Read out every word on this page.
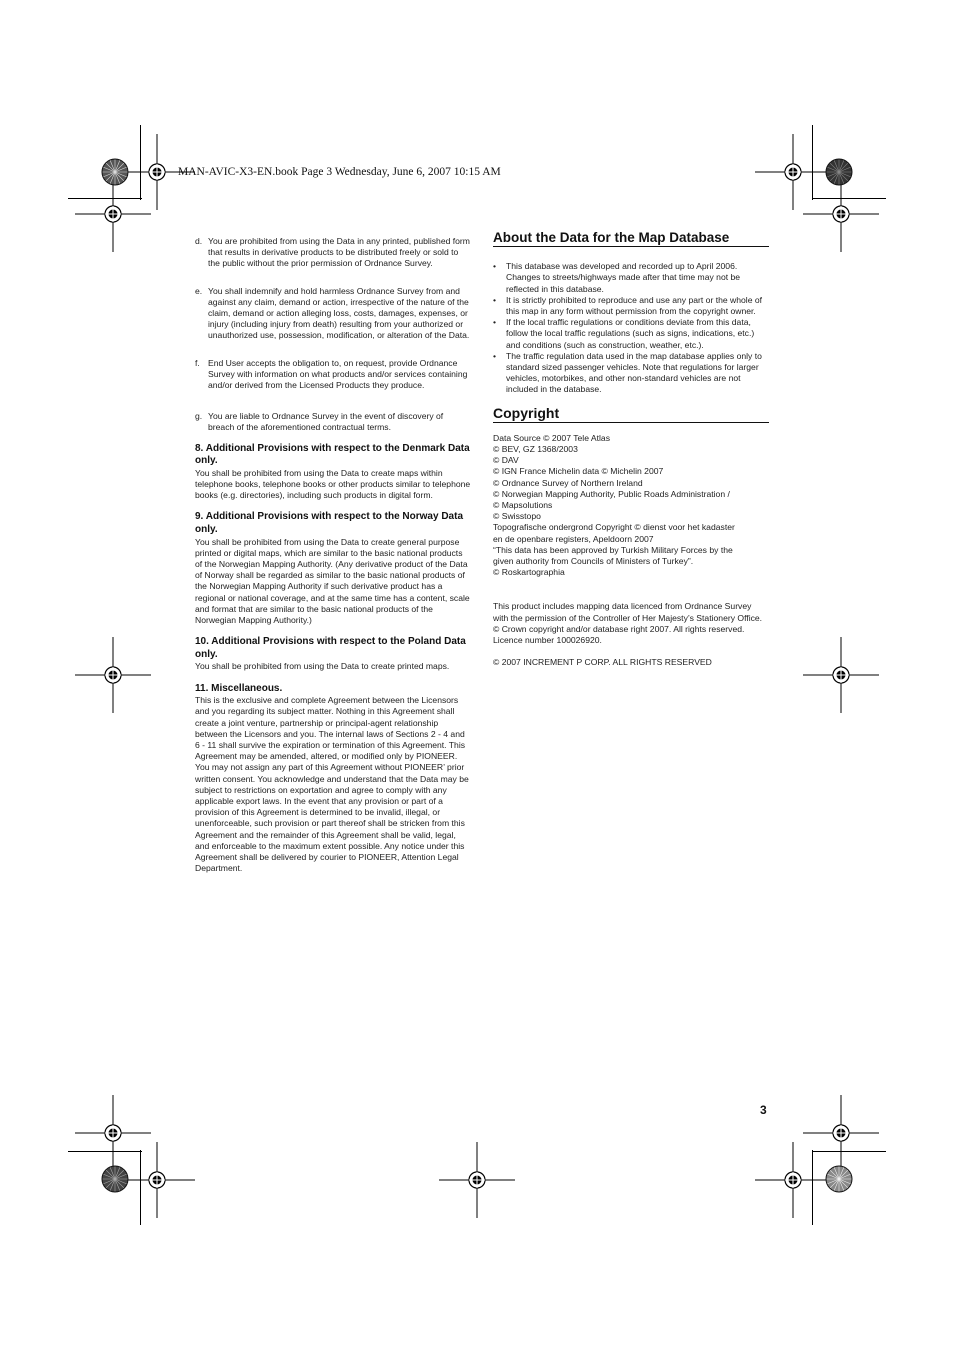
MAN-AVIC-X3-EN.book Page 3 Wednesday, June 6, 2007 10:15 AM
d. You are prohibited from using the Data in any printed, published form that results in derivative products to be distributed freely or sold to the public without the prior permission of Ordnance Survey.
e. You shall indemnify and hold harmless Ordnance Survey from and against any claim, demand or action, irrespective of the nature of the claim, demand or action alleging loss, costs, damages, expenses, or injury (including injury from death) resulting from your authorized or unauthorized use, possession, modification, or alteration of the Data.
f. End User accepts the obligation to, on request, provide Ordnance Survey with information on what products and/or services containing and/or derived from the Licensed Products they produce.
g. You are liable to Ordnance Survey in the event of discovery of breach of the aforementioned contractual terms.
8. Additional Provisions with respect to the Denmark Data only.
You shall be prohibited from using the Data to create maps within telephone books, telephone books or other products similar to telephone books (e.g. directories), including such products in digital form.
9. Additional Provisions with respect to the Norway Data only.
You shall be prohibited from using the Data to create general purpose printed or digital maps, which are similar to the basic national products of the Norwegian Mapping Authority. (Any derivative product of the Data of Norway shall be regarded as similar to the basic national products of the Norwegian Mapping Authority if such derivative product has a regional or national coverage, and at the same time has a content, scale and format that are similar to the basic national products of the Norwegian Mapping Authority.)
10. Additional Provisions with respect to the Poland Data only.
You shall be prohibited from using the Data to create printed maps.
11. Miscellaneous.
This is the exclusive and complete Agreement between the Licensors and you regarding its subject matter. Nothing in this Agreement shall create a joint venture, partnership or principal-agent relationship between the Licensors and you. The internal laws of Sections 2 - 4 and 6 - 11 shall survive the expiration or termination of this Agreement. This Agreement may be amended, altered, or modified only by PIONEER. You may not assign any part of this Agreement without PIONEER’ prior written consent. You acknowledge and understand that the Data may be subject to restrictions on exportation and agree to comply with any applicable export laws. In the event that any provision or part of a provision of this Agreement is determined to be invalid, illegal, or unenforceable, such provision or part thereof shall be stricken from this Agreement and the remainder of this Agreement shall be valid, legal, and enforceable to the maximum extent possible. Any notice under this Agreement shall be delivered by courier to PIONEER, Attention Legal Department.
About the Data for the Map Database
• This database was developed and recorded up to April 2006. Changes to streets/highways made after that time may not be reflected in this database.
• It is strictly prohibited to reproduce and use any part or the whole of this map in any form without permission from the copyright owner.
• If the local traffic regulations or conditions deviate from this data, follow the local traffic regulations (such as signs, indications, etc.) and conditions (such as construction, weather, etc.).
• The traffic regulation data used in the map database applies only to standard sized passenger vehicles. Note that regulations for larger vehicles, motorbikes, and other non-standard vehicles are not included in the database.
Copyright
Data Source © 2007 Tele Atlas
© BEV, GZ 1368/2003
© DAV
© IGN France Michelin data © Michelin 2007
© Ordnance Survey of Northern Ireland
© Norwegian Mapping Authority, Public Roads Administration /
© Mapsolutions
© Swisstopo
Topografische ondergrond Copyright © dienst voor het kadaster
en de openbare registers, Apeldoorn 2007
“This data has been approved by Turkish Military Forces by the
given authority from Councils of Ministers of Turkey”.
© Roskartographia
This product includes mapping data licenced from Ordnance Survey with the permission of the Controller of Her Majesty’s Stationery Office. © Crown copyright and/or database right 2007. All rights reserved. Licence number 100026920.
© 2007 INCREMENT P CORP. ALL RIGHTS RESERVED
3
